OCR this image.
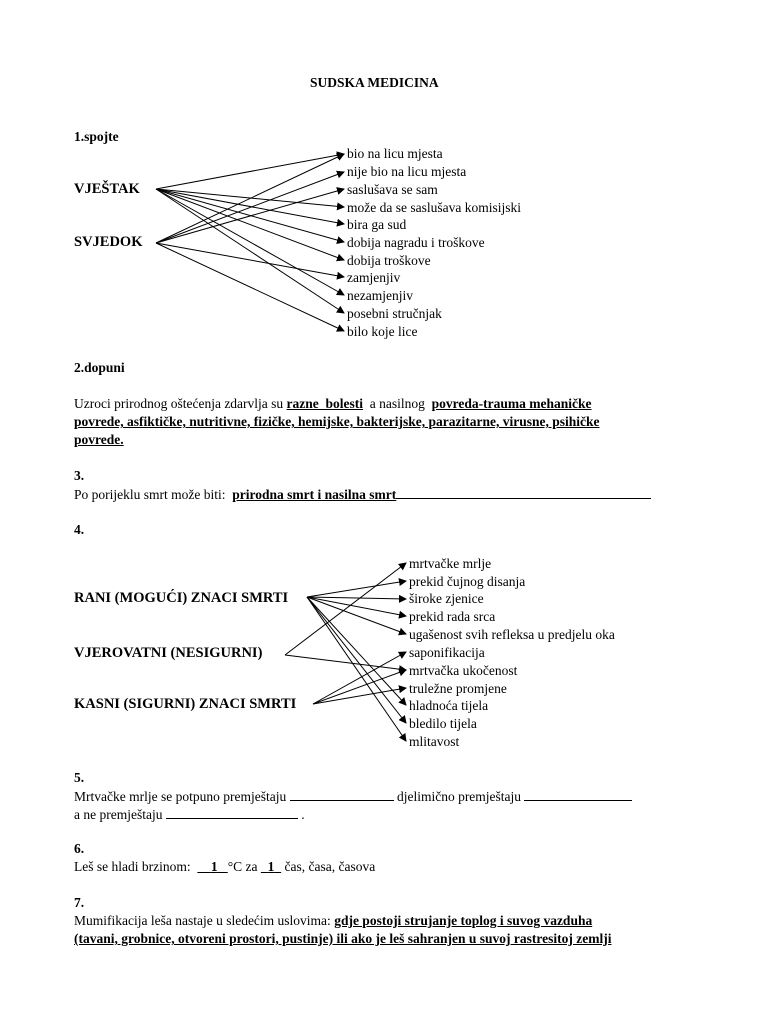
SUDSKA MEDICINA
1.spojte
VJEŠTAK
SVJEDOK
bio na licu mjesta
nije bio na licu mjesta
saslušava se sam
može da se saslušava komisijski
bira ga sud
dobija nagradu i troškove
dobija troškove
zamjenjiv
nezamjenjiv
posebni stručnjak
bilo koje lice
2.dopuni
Uzroci prirodnog oštećenja zdarvlja su razne_bolesti a nasilnog povreda-trauma mehaničke
povrede, asfiktičke, nutritivne, fizičke, hemijske, bakterijske, parazitarne, virusne, psihičke
povrede.
3.
Po porijeklu smrt može biti: prirodna smrt i nasilna smrt
4.
RANI (MOGUĆI) ZNACI SMRTI
VJEROVATNI (NESIGURNI)
KASNI (SIGURNI) ZNACI SMRTI
mrtvačke mrlje
prekid čujnog disanja
široke zjenice
prekid rada srca
ugašenost svih refleksa u predjelu oka
saponifikacija
mrtvačka ukočenost
truležne promjene
hladnoća tijela
bledilo tijela
mlitavost
5.
Mrtvačke mrlje se potpuno premještaju	djelimično premještaju
a ne premještaju	.
6.
Leš se hladi brzinom: 1 °C za 1 čas, časa, časova
7.
Mumifikacija leša nastaje u sledećim uslovima: gdje postoji strujanje toplog i suvog vazduha
(tavani, grobnice, otvoreni prostori, pustinje) ili ako je leš sahranjen u suvoj rastresitoj zemlji
